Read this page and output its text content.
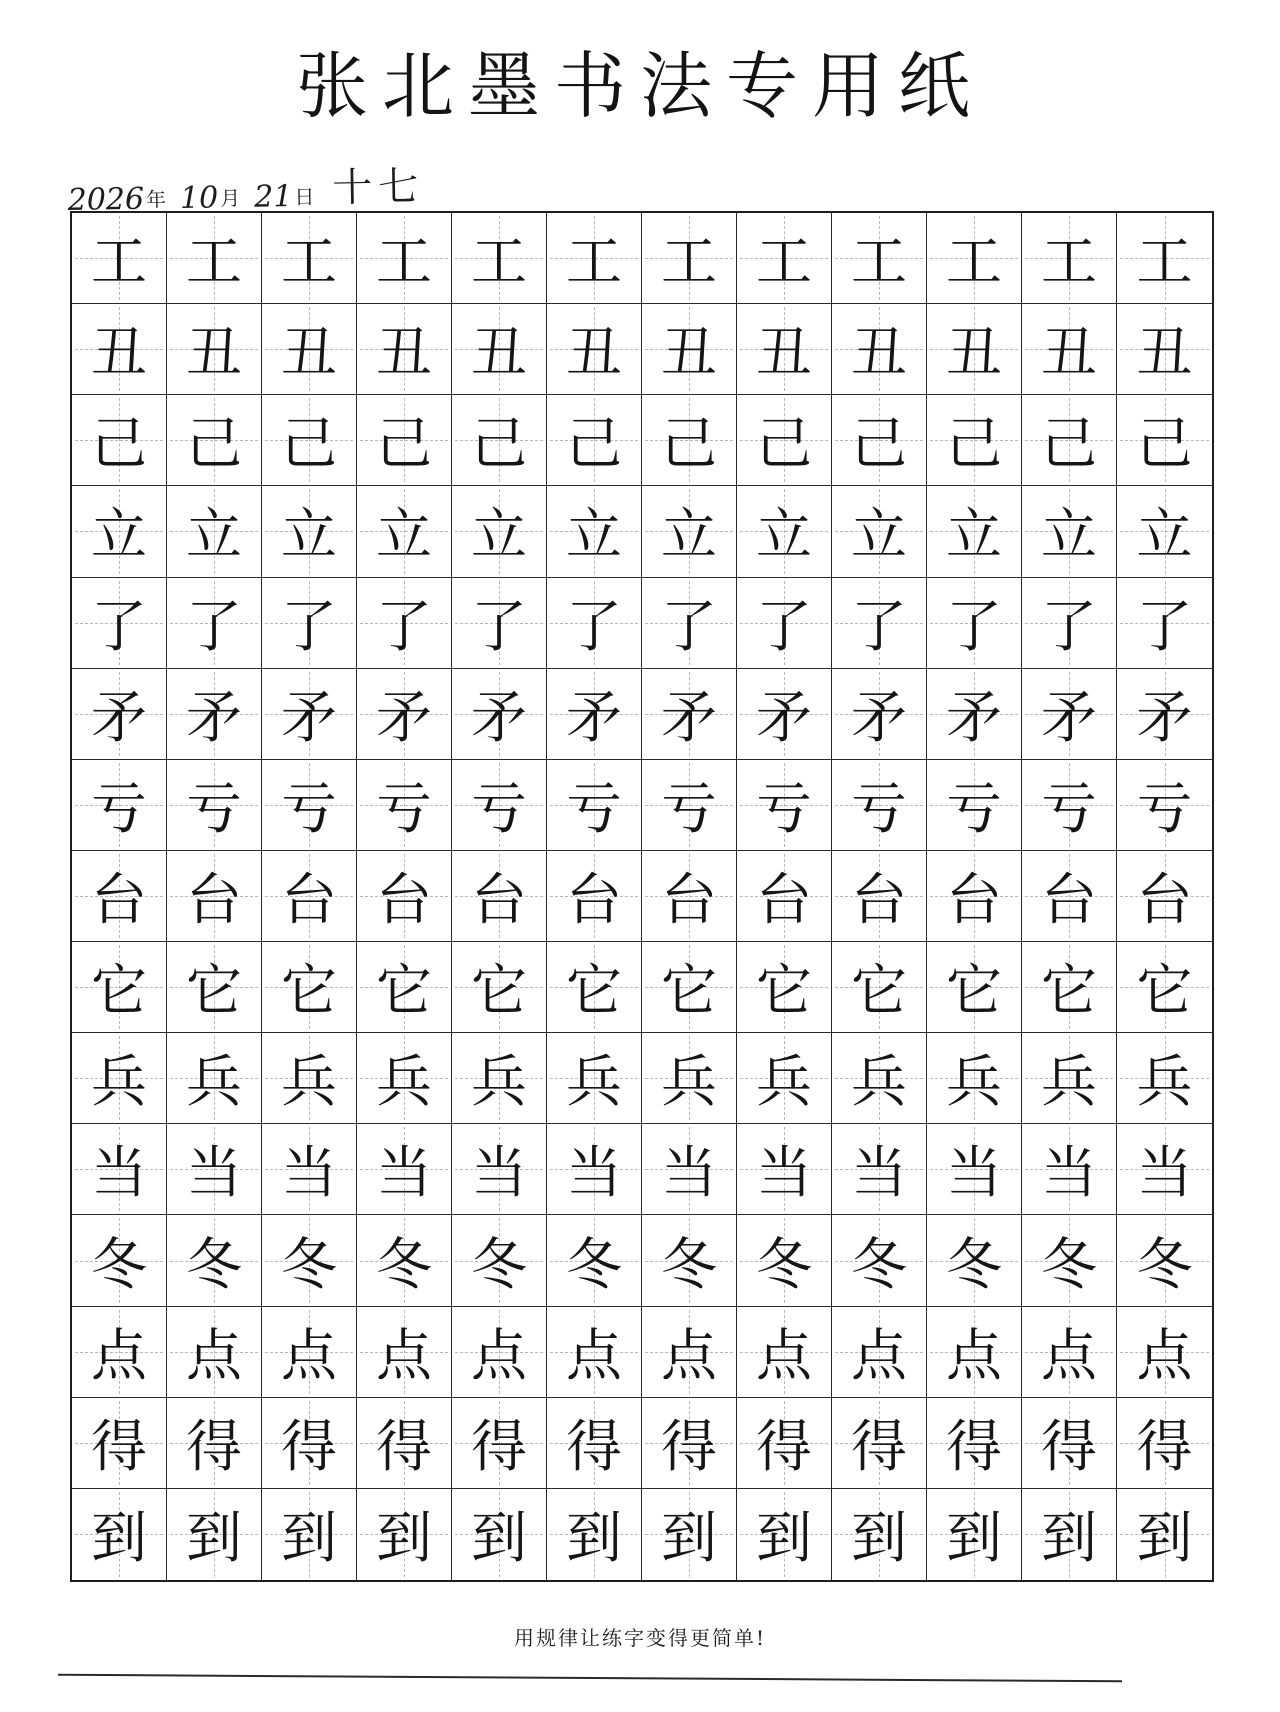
张北墨书法专用纸
2026 年 10 月 21 日 十七
工 工 工 工 工 工 工 工 工 工 工 工
丑 丑 丑 丑 丑 丑 丑 丑 丑 丑 丑 丑
己 己 己 己 己 己 己 己 己 己 己 己
立 立 立 立 立 立 立 立 立 立 立 立
了 了 了 了 了 了 了 了 了 了 了 了
矛 矛 矛 矛 矛 矛 矛 矛 矛 矛 矛 矛
亏 亏 亏 亏 亏 亏 亏 亏 亏 亏 亏 亏
台 台 台 台 台 台 台 台 台 台 台 台
它 它 它 它 它 它 它 它 它 它 它 它
兵 兵 兵 兵 兵 兵 兵 兵 兵 兵 兵 兵
当 当 当 当 当 当 当 当 当 当 当 当
冬 冬 冬 冬 冬 冬 冬 冬 冬 冬 冬 冬
点 点 点 点 点 点 点 点 点 点 点 点
得 得 得 得 得 得 得 得 得 得 得 得
到 到 到 到 到 到 到 到 到 到 到 到
用规律让练字变得更简单!
